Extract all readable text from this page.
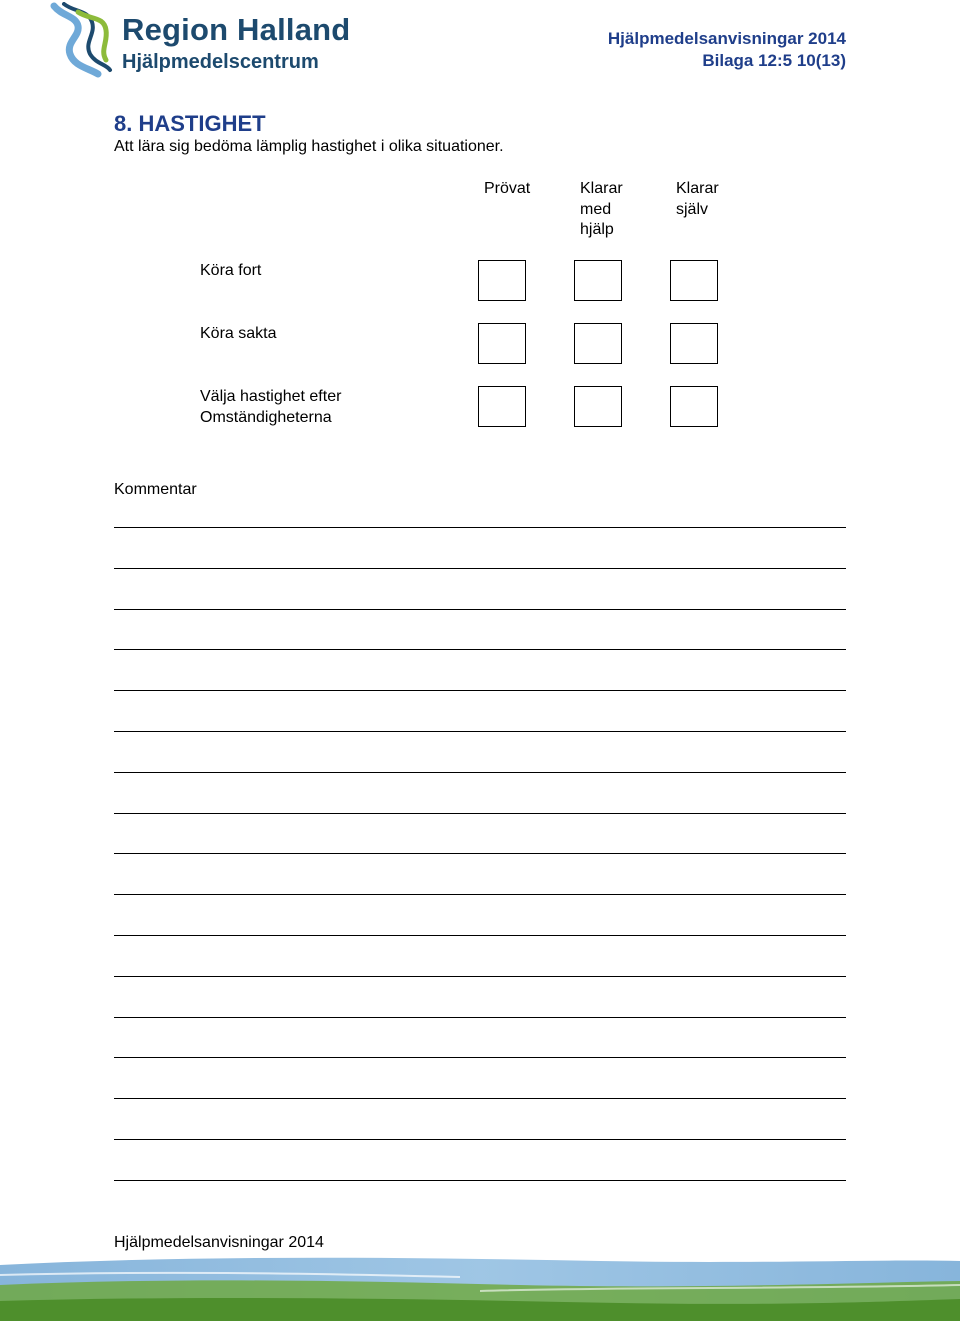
Region Halland
Hjälpmedelscentrum
Hjälpmedelsanvisningar 2014
Bilaga 12:5 10(13)
8. HASTIGHET
Att lära sig bedöma lämplig hastighet i olika situationer.
Prövat	Klarar
med
hjälp
Klarar
själv
Köra fort
Köra sakta
Välja hastighet efter
Omständigheterna
Kommentar
Hjälpmedelsanvisningar 2014
